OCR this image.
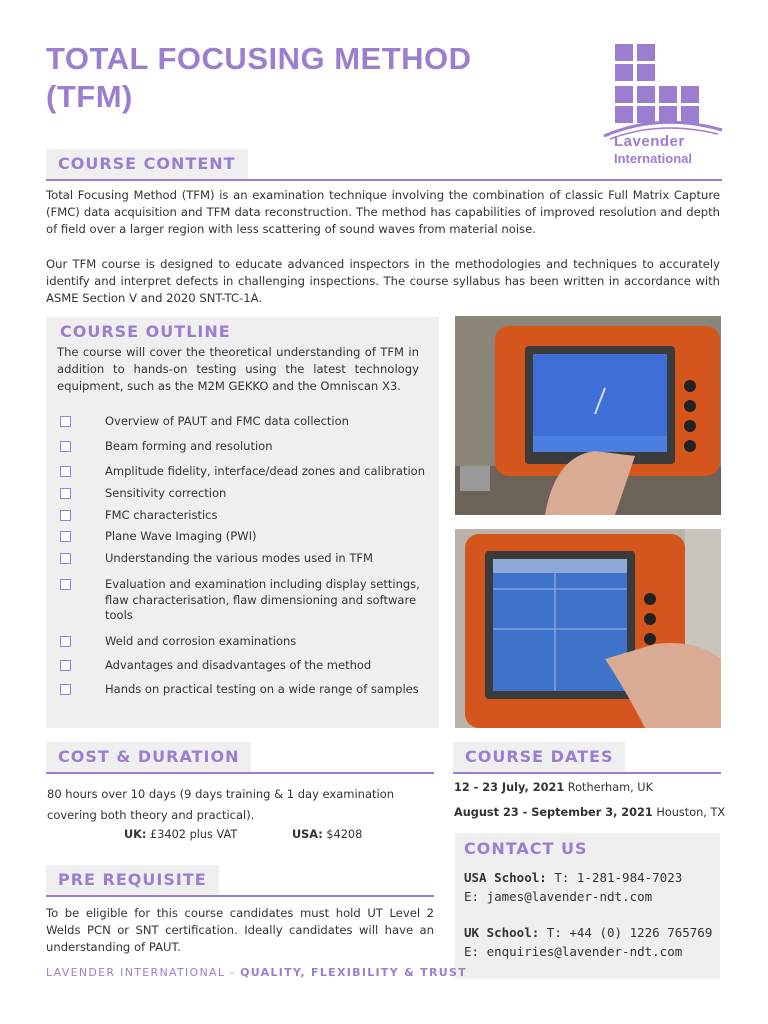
TOTAL FOCUSING METHOD
(TFM)
Lavender
International
COURSE CONTENT
Total Focusing Method (TFM) is an examination technique involving the combination of classic Full Matrix Capture (FMC) data acquisition and TFM data reconstruction. The method has capabilities of improved resolution and depth of field over a larger region with less scattering of sound waves from material noise.
Our TFM course is designed to educate advanced inspectors in the methodologies and techniques to accurately identify and interpret defects in challenging inspections. The course syllabus has been written in accordance with ASME Section V and 2020 SNT-TC-1A.
COURSE OUTLINE
The course will cover the theoretical understanding of TFM in addition to hands-on testing using the latest technology equipment, such as the M2M GEKKO and the Omniscan X3.
Overview of PAUT and FMC data collection
Beam forming and resolution
Amplitude fidelity, interface/dead zones and calibration
Sensitivity correction
FMC characteristics
Plane Wave Imaging (PWI)
Understanding the various modes used in TFM
Evaluation and examination including display settings, flaw characterisation, flaw dimensioning and software tools
Weld and corrosion examinations
Advantages and disadvantages of the method
Hands on practical testing on a wide range of samples
COST & DURATION
80 hours over 10 days (9 days training & 1 day examination covering both theory and practical).
UK: £3402 plus VAT	USA: $4208
COURSE DATES
12 - 23 July, 2021 Rotherham, UK
August 23 - September 3, 2021 Houston, TX
PRE REQUISITE
To be eligible for this course candidates must hold UT Level 2 Welds PCN or SNT certification. Ideally candidates will have an understanding of PAUT.
CONTACT US
USA School: T: 1-281-984-7023
E: james@lavender-ndt.com
UK School: T: +44 (0) 1226 765769
E: enquiries@lavender-ndt.com
LAVENDER INTERNATIONAL - QUALITY, FLEXIBILITY & TRUST
